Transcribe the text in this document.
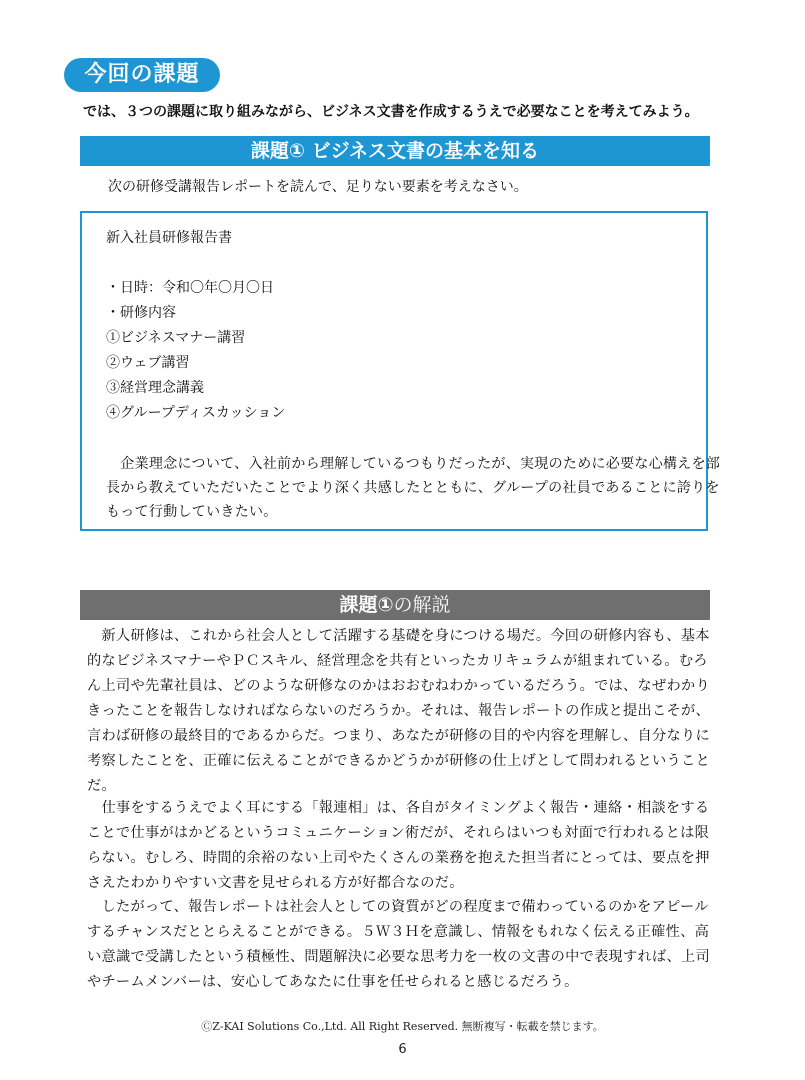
今回の課題
では、３つの課題に取り組みながら、ビジネス文書を作成するうえで必要なことを考えてみよう。
課題① ビジネス文書の基本を知る
次の研修受講報告レポートを読んで、足りない要素を考えなさい。
新入社員研修報告書
・日時：令和〇年〇月〇日
・研修内容
①ビジネスマナー講習
②ウェブ講習
③経営理念講義
④グループディスカッション
　企業理念について、入社前から理解しているつもりだったが、実現のために必要な心構えを部
長から教えていただいたことでより深く共感したとともに、グループの社員であることに誇りを
もって行動していきたい。
課題①の解説
　新人研修は、これから社会人として活躍する基礎を身につける場だ。今回の研修内容も、基本
的なビジネスマナーやＰＣスキル、経営理念を共有といったカリキュラムが組まれている。むろ
ん上司や先輩社員は、どのような研修なのかはおおむねわかっているだろう。では、なぜわかり
きったことを報告しなければならないのだろうか。それは、報告レポートの作成と提出こそが、
言わば研修の最終目的であるからだ。つまり、あなたが研修の目的や内容を理解し、自分なりに
考察したことを、正確に伝えることができるかどうかが研修の仕上げとして問われるということ
だ。
　仕事をするうえでよく耳にする「報連相」は、各自がタイミングよく報告・連絡・相談をする
ことで仕事がはかどるというコミュニケーション術だが、それらはいつも対面で行われるとは限
らない。むしろ、時間的余裕のない上司やたくさんの業務を抱えた担当者にとっては、要点を押
さえたわかりやすい文書を見せられる方が好都合なのだ。
　したがって、報告レポートは社会人としての資質がどの程度まで備わっているのかをアピール
するチャンスだととらえることができる。５Ｗ３Ｈを意識し、情報をもれなく伝える正確性、高
い意識で受講したという積極性、問題解決に必要な思考力を一枚の文書の中で表現すれば、上司
やチームメンバーは、安心してあなたに仕事を任せられると感じるだろう。
ⒸZ-KAI Solutions Co.,Ltd. All Right Reserved. 無断複写・転載を禁じます。
6
